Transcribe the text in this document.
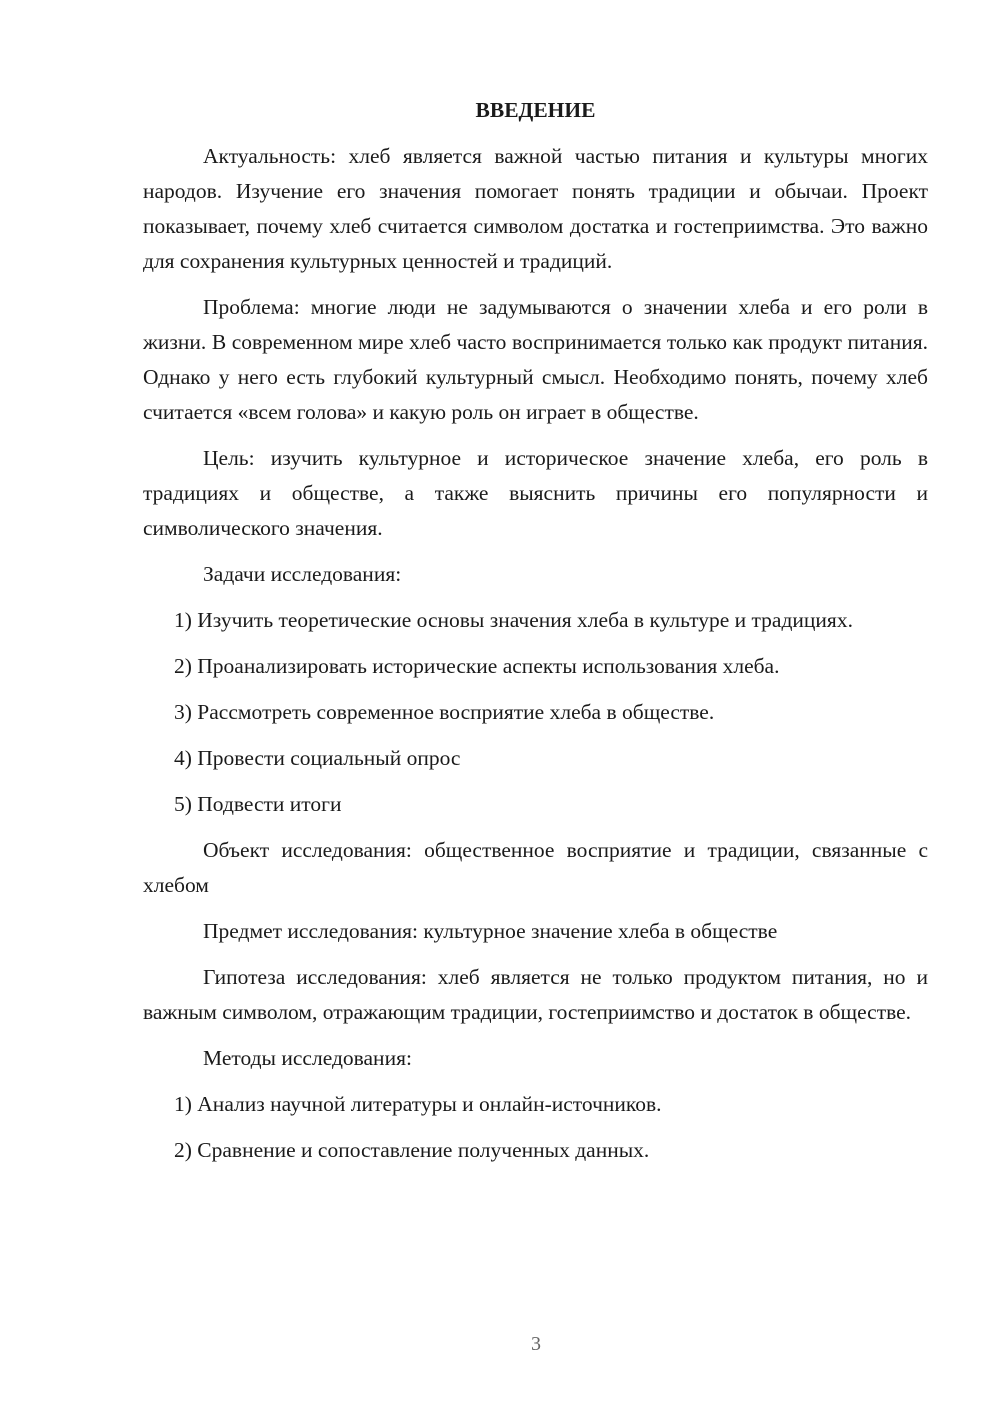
ВВЕДЕНИЕ
Актуальность: хлеб является важной частью питания и культуры многих народов. Изучение его значения помогает понять традиции и обычаи. Проект показывает, почему хлеб считается символом достатка и гостеприимства. Это важно для сохранения культурных ценностей и традиций.
Проблема: многие люди не задумываются о значении хлеба и его роли в жизни. В современном мире хлеб часто воспринимается только как продукт питания. Однако у него есть глубокий культурный смысл. Необходимо понять, почему хлеб считается «всем голова» и какую роль он играет в обществе.
Цель: изучить культурное и историческое значение хлеба, его роль в традициях и обществе, а также выяснить причины его популярности и символического значения.
Задачи исследования:
1) Изучить теоретические основы значения хлеба в культуре и традициях.
2) Проанализировать исторические аспекты использования хлеба.
3) Рассмотреть современное восприятие хлеба в обществе.
4) Провести социальный опрос
5) Подвести итоги
Объект исследования: общественное восприятие и традиции, связанные с хлебом
Предмет исследования: культурное значение хлеба в обществе
Гипотеза исследования: хлеб является не только продуктом питания, но и важным символом, отражающим традиции, гостеприимство и достаток в обществе.
Методы исследования:
1) Анализ научной литературы и онлайн-источников.
2) Сравнение и сопоставление полученных данных.
3
